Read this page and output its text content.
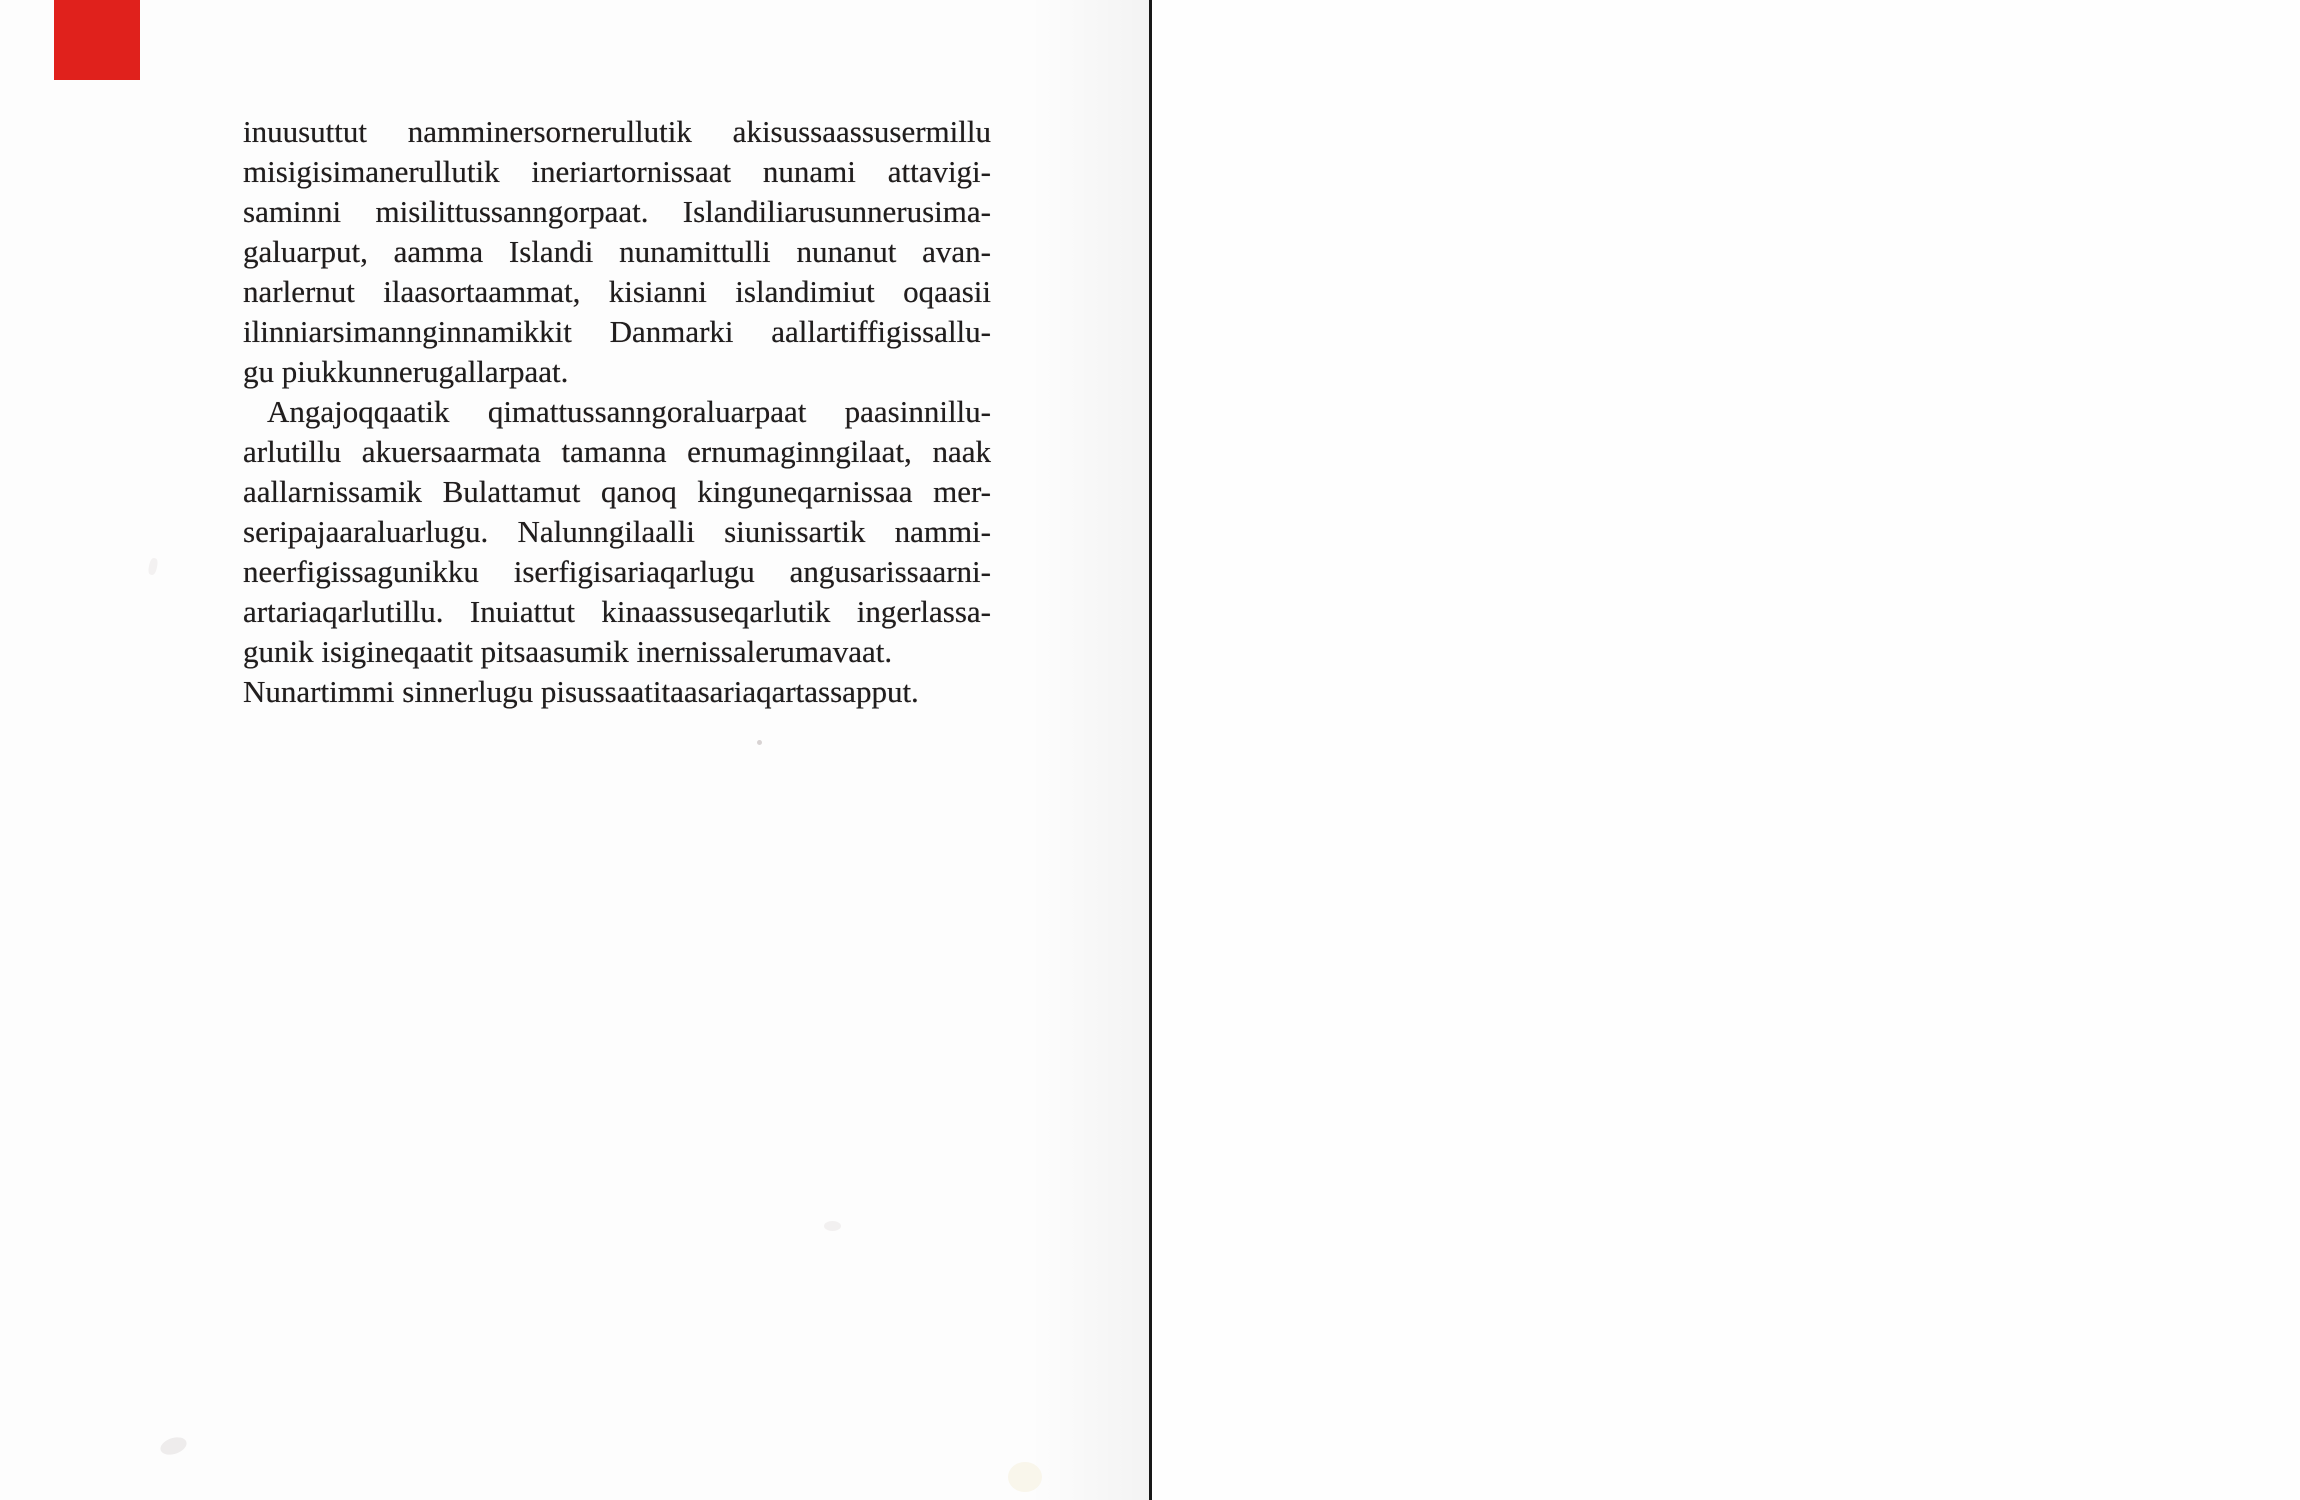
inuusuttut namminersornerullutik akisussaassusermillu
misigisimanerullutik ineriartornissaat nunami attavigi-
saminni misilittussanngorpaat. Islandiliarusunnerusima-
galuarput, aamma Islandi nunamittulli nunanut avan-
narlernut ilaasortaammat, kisianni islandimiut oqaasii
ilinniarsimannginnamikkit Danmarki aallartiffigissallu-
gu piukkunnerugallarpaat.
Angajoqqaatik qimattussanngoraluarpaat paasinnillu-
arlutillu akuersaarmata tamanna ernumaginngilaat, naak
aallarnissamik Bulattamut qanoq kinguneqarnissaa mer-
seripajaaraluarlugu. Nalunngilaalli siunissartik nammi-
neerfigissagunikku iserfigisariaqarlugu angusarissaarni-
artariaqarlutillu. Inuiattut kinaassuseqarlutik ingerlassa-
gunik isigineqaatit pitsaasumik inernissalerumavaat.
Nunartimmi sinnerlugu pisussaatitaasariaqartassapput.
